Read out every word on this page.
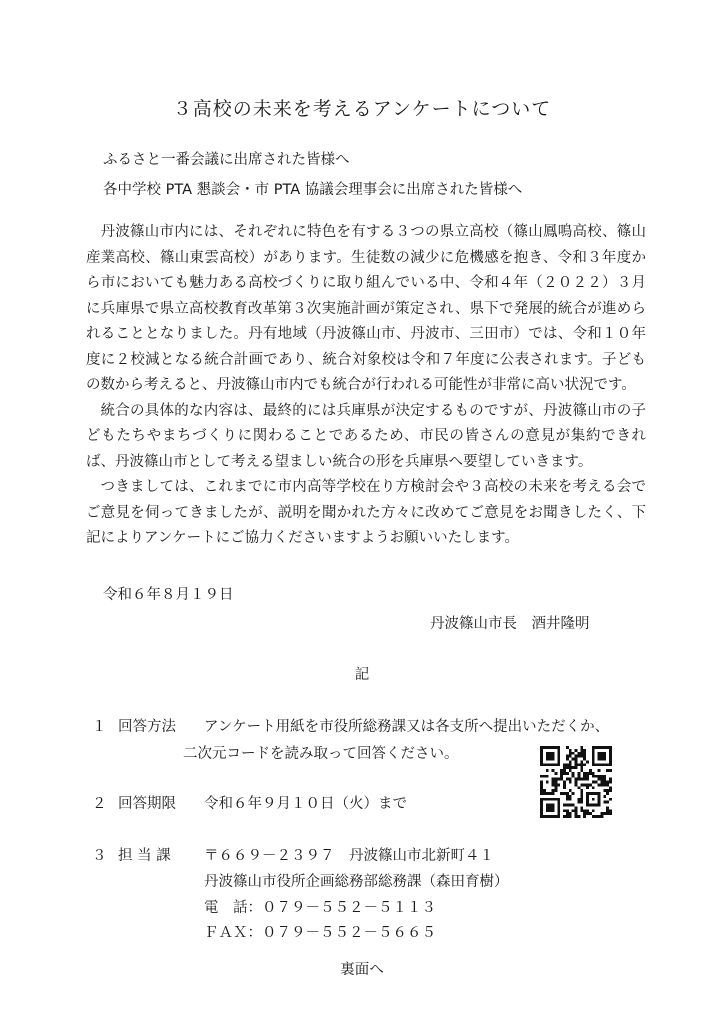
３高校の未来を考えるアンケートについて
ふるさと一番会議に出席された皆様へ
各中学校 PTA 懇談会・市 PTA 協議会理事会に出席された皆様へ

丹波篠山市内には、それぞれに特色を有する３つの県立高校（篠山鳳鳴高校、篠山産業高校、篠山東雲高校）があります。生徒数の減少に危機感を抱き、令和３年度から市においても魅力ある高校づくりに取り組んでいる中、令和４年（２０２２）３月に兵庫県で県立高校教育改革第３次実施計画が策定され、県下で発展的統合が進められることとなりました。丹有地域（丹波篠山市、丹波市、三田市）では、令和１０年度に２校減となる統合計画であり、統合対象校は令和７年度に公表されます。子どもの数から考えると、丹波篠山市内でも統合が行われる可能性が非常に高い状況です。

統合の具体的な内容は、最終的には兵庫県が決定するものですが、丹波篠山市の子どもたちやまちづくりに関わることであるため、市民の皆さんの意見が集約できれば、丹波篠山市として考える望ましい統合の形を兵庫県へ要望していきます。

つきましては、これまでに市内高等学校在り方検討会や３高校の未来を考える会でご意見を伺ってきましたが、説明を聞かれた方々に改めてご意見をお聞きしたく、下記によりアンケートにご協力くださいますようお願いいたします。

令和６年８月１９日
丹波篠山市長　酒井隆明
記
１ 回答方法 アンケート用紙を市役所総務課又は各支所へ提出いただくか、
二次元コードを読み取って回答ください。
２ 回答期限 令和６年９月１０日（火）まで
３ 担 当 課 〒６６９－２３９７　丹波篠山市北新町４１
丹波篠山市役所企画総務部総務課（森田育樹）
電　話：０７９－５５２－５１１３
ＦＡＸ：０７９－５５２－５６６５
裏面へ
